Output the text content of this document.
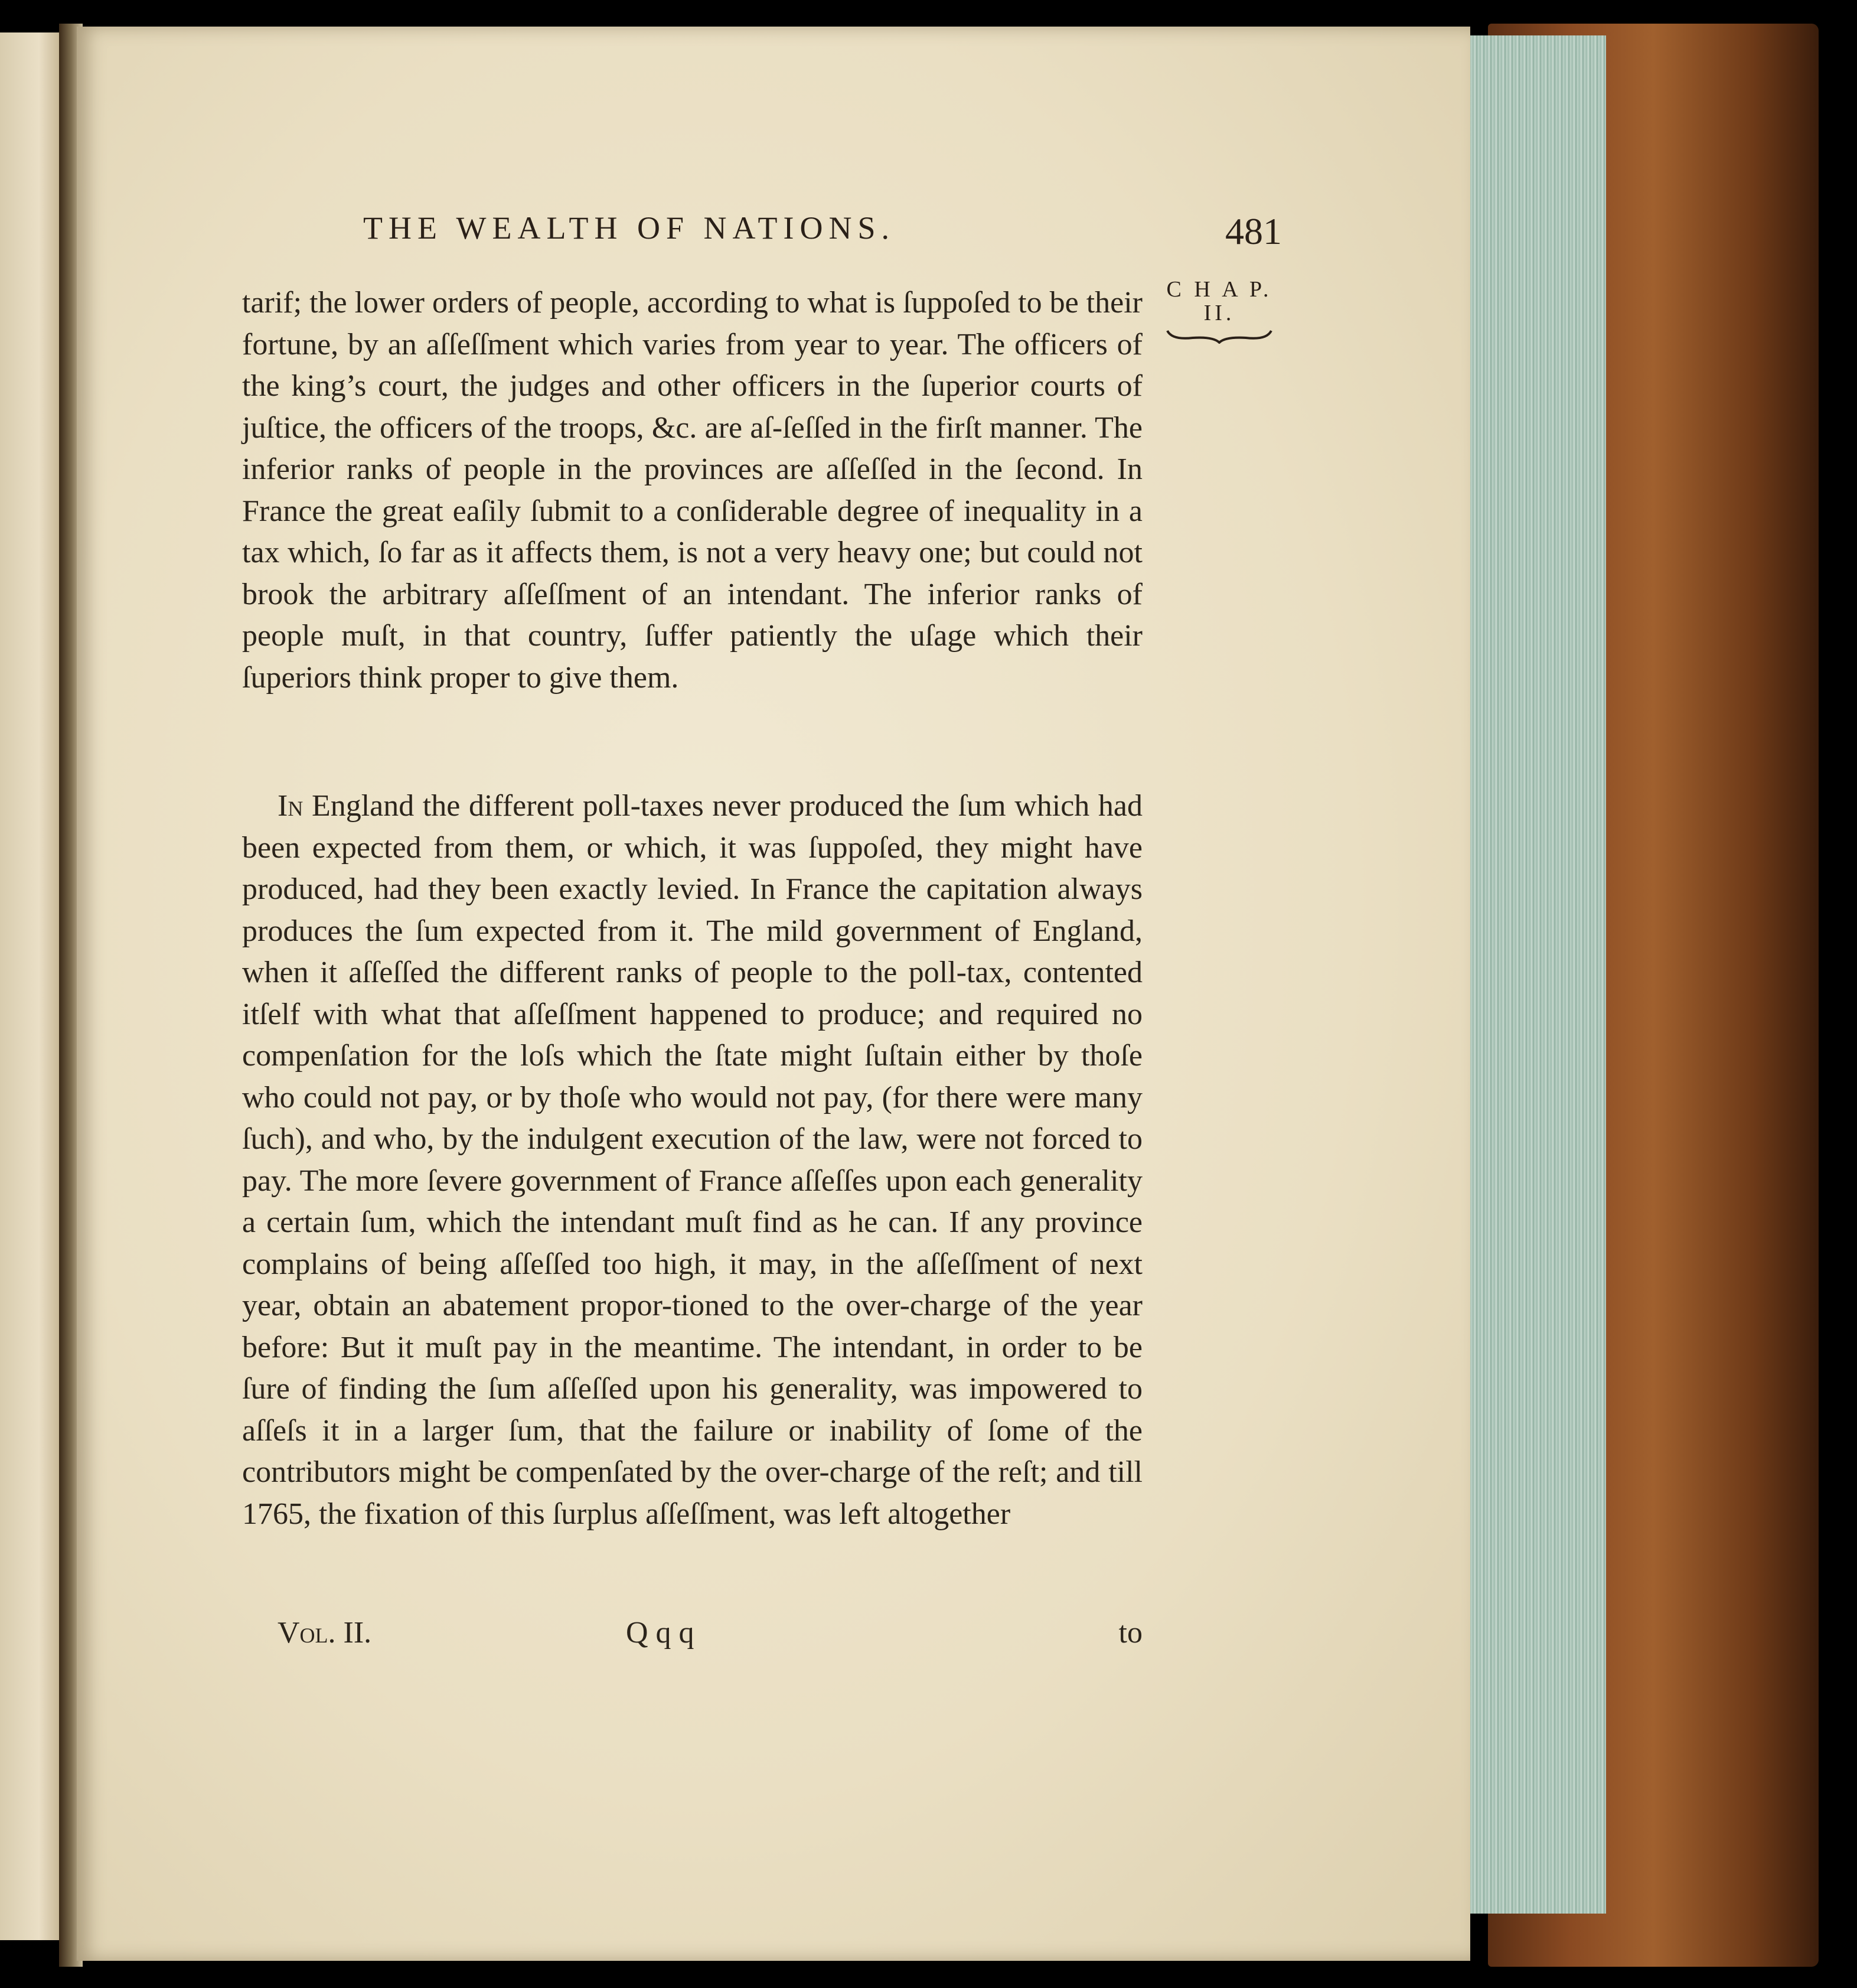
THE WEALTH OF NATIONS.	481
C H A P.
II.

tarif; the lower orders of people, according to what is ſuppoſed to be their fortune, by an aſſeſſment which varies from year to year. The officers of the king’s court, the judges and other officers in the ſuperior courts of juſtice, the officers of the troops, &c. are aſ-ſeſſed in the firſt manner. The inferior ranks of people in the provinces are aſſeſſed in the ſecond. In France the great eaſily ſubmit to a conſiderable degree of inequality in a tax which, ſo far as it affects them, is not a very heavy one; but could not brook the arbitrary aſſeſſment of an intendant. The inferior ranks of people muſt, in that country, ſuffer patiently the uſage which their ſuperiors think proper to give them.

In England the different poll-taxes never produced the ſum which had been expected from them, or which, it was ſuppoſed, they might have produced, had they been exactly levied. In France the capitation always produces the ſum expected from it. The mild government of England, when it aſſeſſed the different ranks of people to the poll-tax, contented itſelf with what that aſſeſſment happened to produce; and required no compenſation for the loſs which the ſtate might ſuſtain either by thoſe who could not pay, or by thoſe who would not pay, (for there were many ſuch), and who, by the indulgent execution of the law, were not forced to pay. The more ſevere government of France aſſeſſes upon each generality a certain ſum, which the intendant muſt find as he can. If any province complains of being aſſeſſed too high, it may, in the aſſeſſment of next year, obtain an abatement propor-tioned to the over-charge of the year before: But it muſt pay in the meantime. The intendant, in order to be ſure of finding the ſum aſſeſſed upon his generality, was impowered to aſſeſs it in a larger ſum, that the failure or inability of ſome of the contributors might be compenſated by the over-charge of the reſt; and till 1765, the fixation of this ſurplus aſſeſſment, was left altogether

Vol. II.	Q q q	to
